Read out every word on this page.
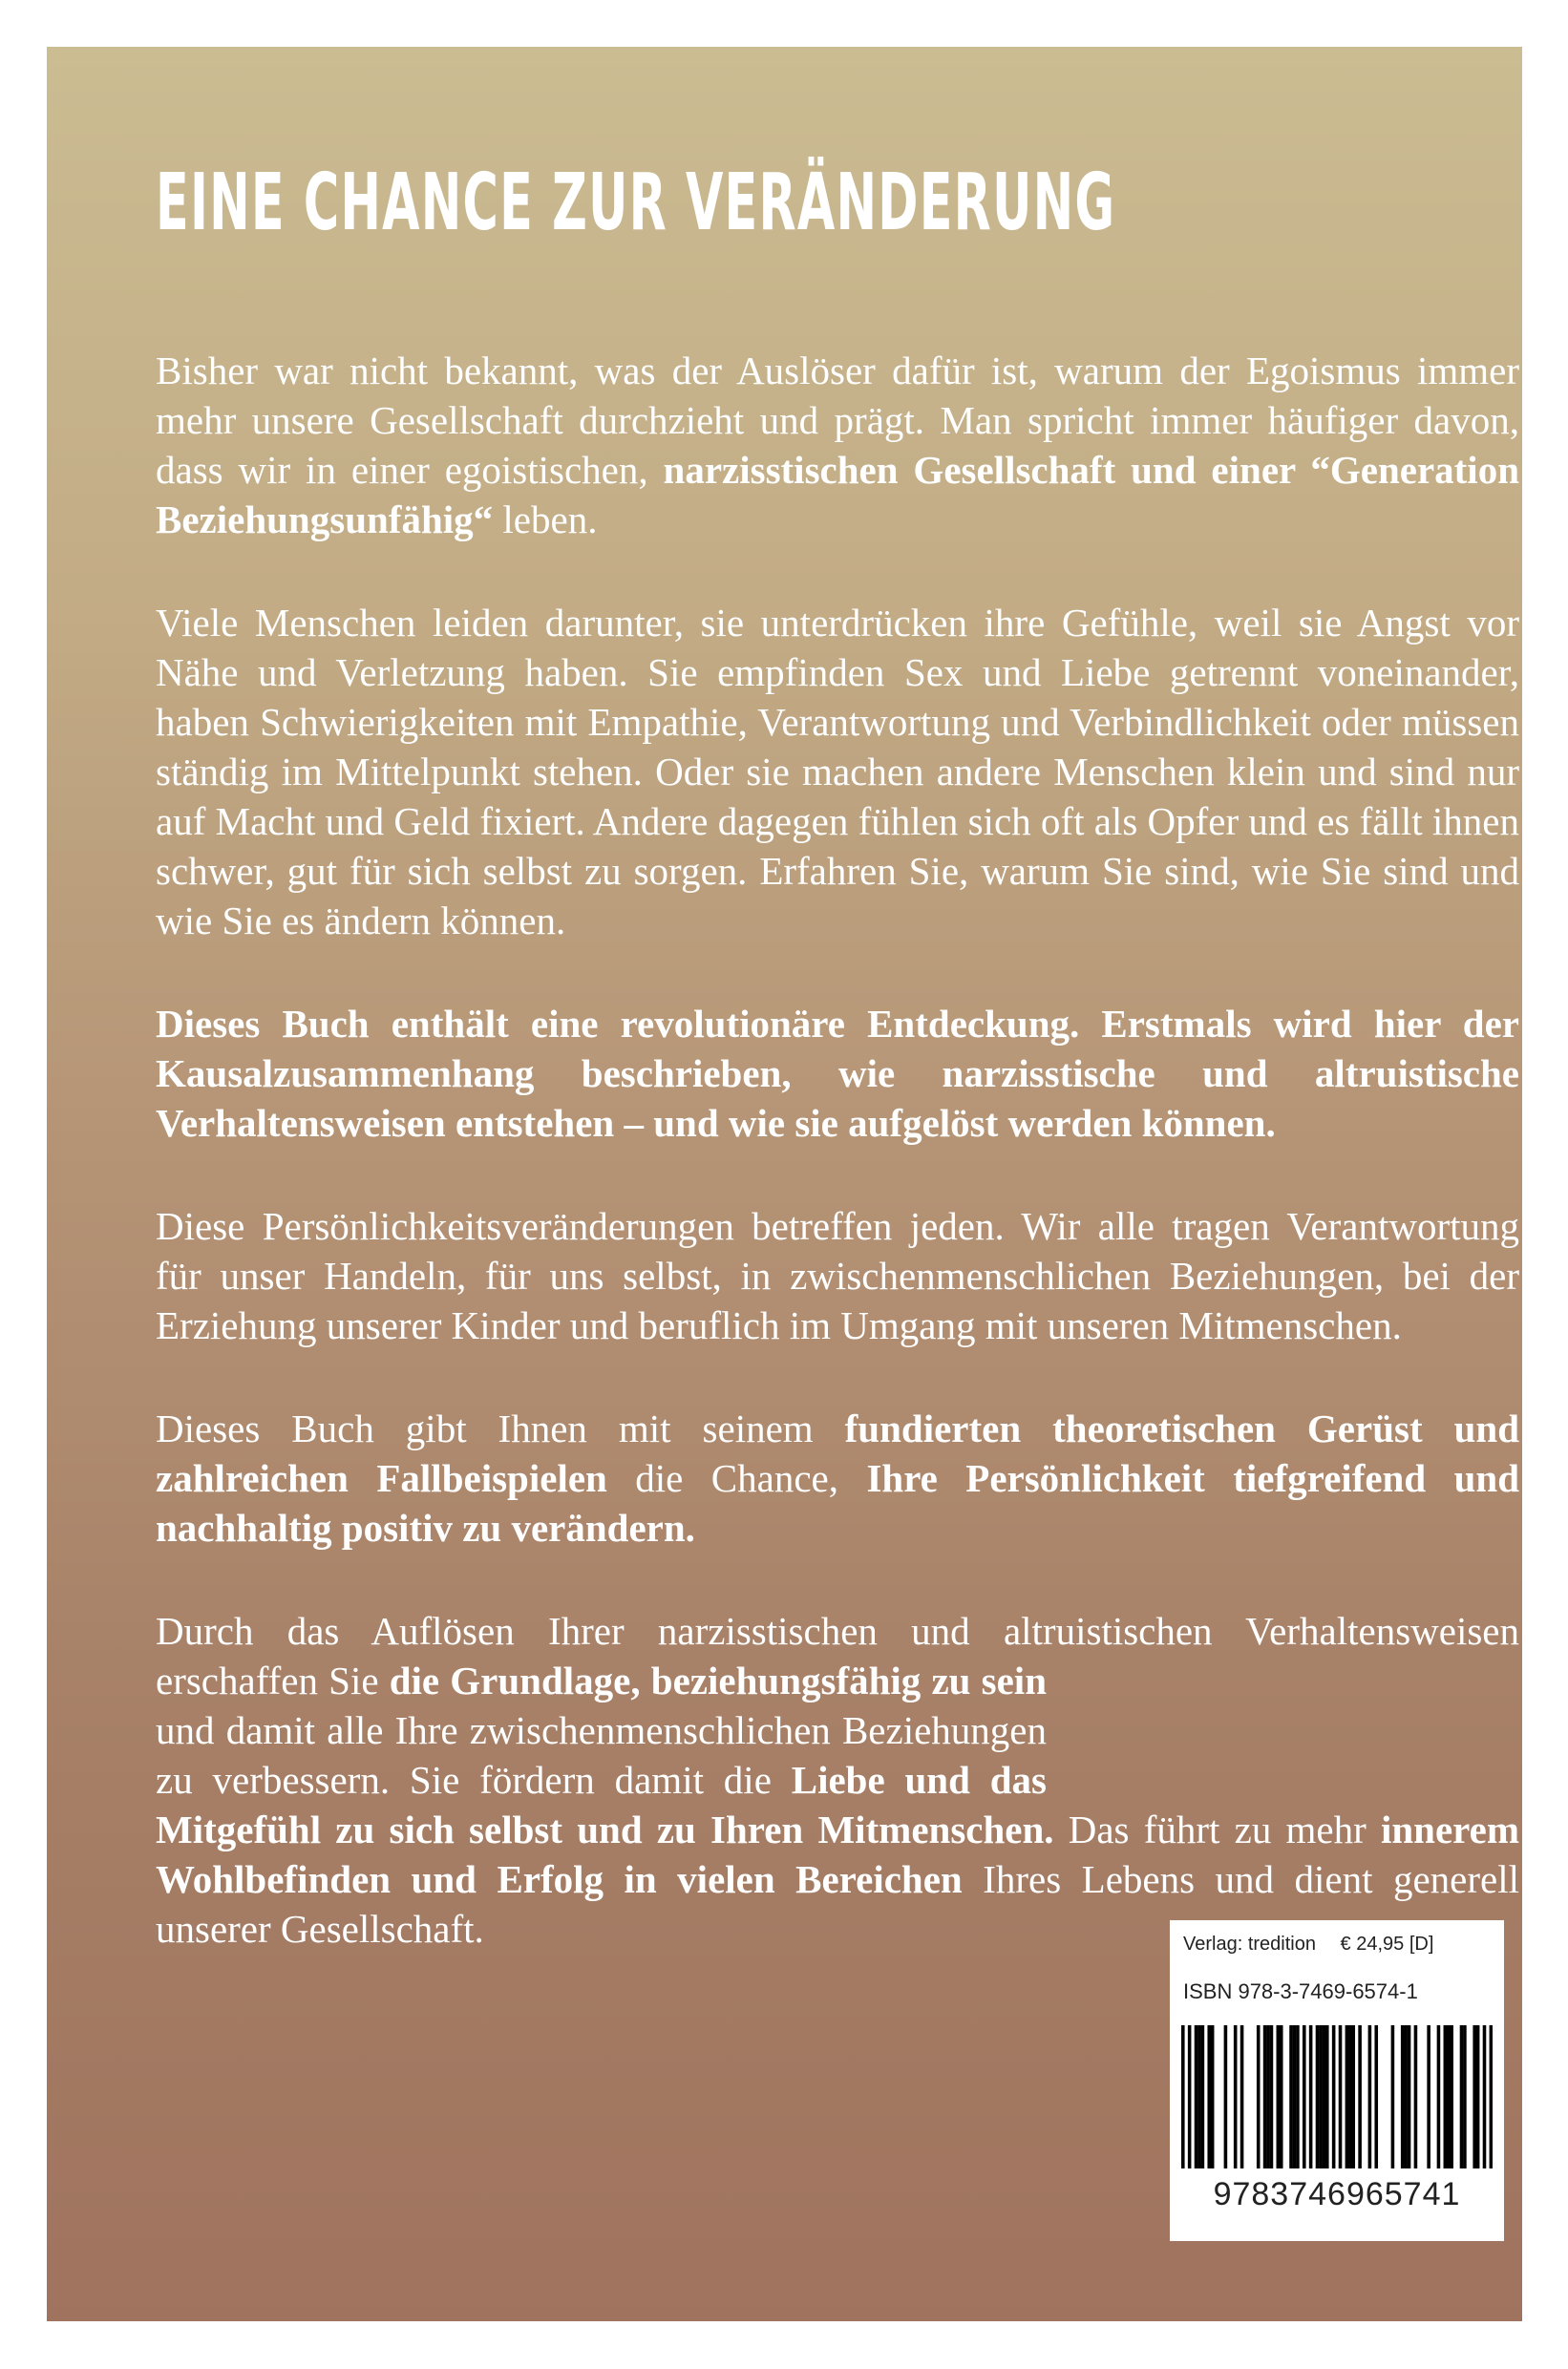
EINE CHANCE ZUR VERÄNDERUNG

Bisher war nicht bekannt, was der Auslöser dafür ist, warum der Egoismus immer mehr unsere Gesellschaft durchzieht und prägt. Man spricht immer häufiger davon, dass wir in einer egoistischen, narzisstischen Gesellschaft und einer “Generation Beziehungsunfähig“ leben.

Viele Menschen leiden darunter, sie unterdrücken ihre Gefühle, weil sie Angst vor Nähe und Verletzung haben. Sie empfinden Sex und Liebe getrennt voneinander, haben Schwierigkeiten mit Empathie, Verantwortung und Verbindlichkeit oder müssen ständig im Mittelpunkt stehen. Oder sie machen andere Menschen klein und sind nur auf Macht und Geld fixiert. Andere dagegen fühlen sich oft als Opfer und es fällt ihnen schwer, gut für sich selbst zu sorgen. Erfahren Sie, warum Sie sind, wie Sie sind und wie Sie es ändern können.

Dieses Buch enthält eine revolutionäre Entdeckung. Erstmals wird hier der Kausalzusammenhang beschrieben, wie narzisstische und altruistische Verhaltensweisen entstehen – und wie sie aufgelöst werden können.

Diese Persönlichkeitsveränderungen betreffen jeden. Wir alle tragen Verantwortung für unser Handeln, für uns selbst, in zwischenmenschlichen Beziehungen, bei der Erziehung unserer Kinder und beruflich im Umgang mit unseren Mitmenschen.

Dieses Buch gibt Ihnen mit seinem fundierten theoretischen Gerüst und zahlreichen Fallbeispielen die Chance, Ihre Persönlichkeit tiefgreifend und nachhaltig positiv zu verändern.

Durch das Auflösen Ihrer narzisstischen und altruistischen Verhaltensweisen erschaffen Sie die Grundlage, beziehungsfähig zu sein
und damit alle Ihre zwischenmenschlichen Beziehungen zu verbessern. Sie fördern damit die Liebe und das Mitgefühl zu sich selbst und zu Ihren Mitmenschen. Das führt zu mehr innerem Wohlbefinden und Erfolg in vielen Bereichen Ihres Lebens und dient generell unserer Gesellschaft.	Verlag: tredition € 24,95 [D]
ISBN 978-3-7469-6574-1
9783746965741
